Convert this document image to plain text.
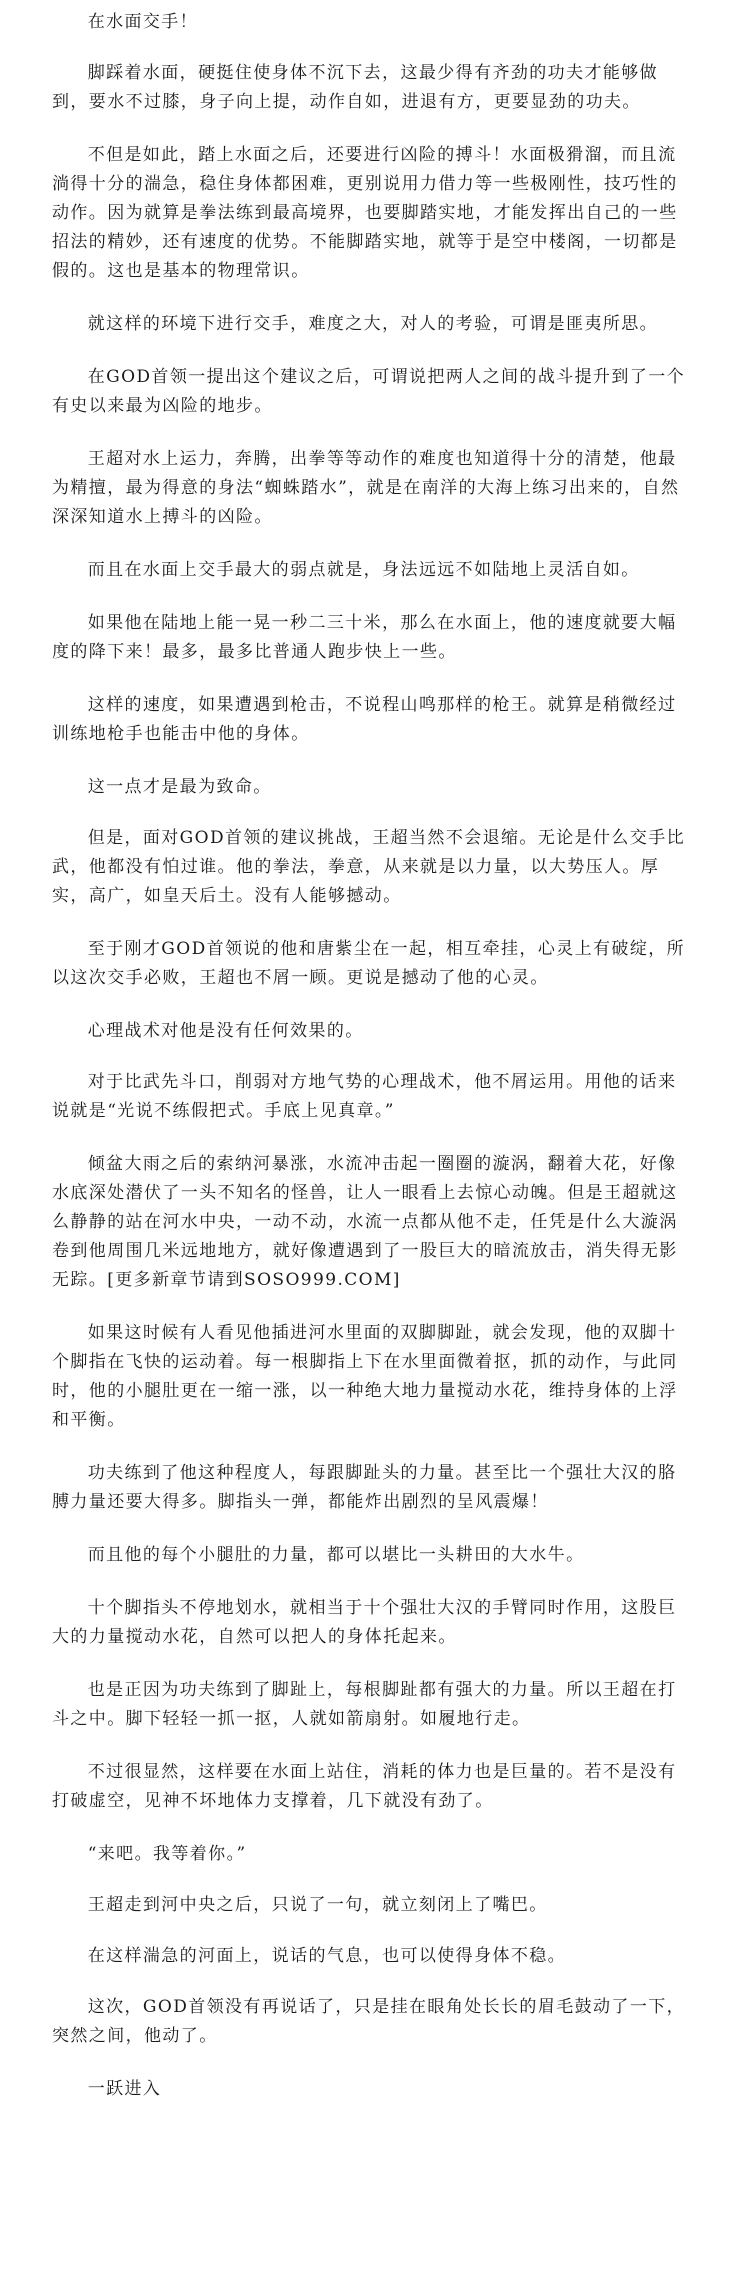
在水面交手！

脚踩着水面，硬挺住使身体不沉下去，这最少得有齐劲的功夫才能够做到，要水不过膝，身子向上提，动作自如，进退有方，更要显劲的功夫。

不但是如此，踏上水面之后，还要进行凶险的搏斗！水面极猾溜，而且流淌得十分的湍急，稳住身体都困难，更别说用力借力等一些极刚性，技巧性的动作。因为就算是拳法练到最高境界，也要脚踏实地，才能发挥出自己的一些招法的精妙，还有速度的优势。不能脚踏实地，就等于是空中楼阁，一切都是假的。这也是基本的物理常识。

就这样的环境下进行交手，难度之大，对人的考验，可谓是匪夷所思。

在GOD首领一提出这个建议之后，可谓说把两人之间的战斗提升到了一个有史以来最为凶险的地步。

王超对水上运力，奔腾，出拳等等动作的难度也知道得十分的清楚，他最为精擅，最为得意的身法“蜘蛛踏水”，就是在南洋的大海上练习出来的，自然深深知道水上搏斗的凶险。

而且在水面上交手最大的弱点就是，身法远远不如陆地上灵活自如。

如果他在陆地上能一晃一秒二三十米，那么在水面上，他的速度就要大幅度的降下来！最多，最多比普通人跑步快上一些。

这样的速度，如果遭遇到枪击，不说程山鸣那样的枪王。就算是稍微经过训练地枪手也能击中他的身体。

这一点才是最为致命。

但是，面对GOD首领的建议挑战，王超当然不会退缩。无论是什么交手比武，他都没有怕过谁。他的拳法，拳意，从来就是以力量，以大势压人。厚实，高广，如皇天后土。没有人能够撼动。

至于刚才GOD首领说的他和唐紫尘在一起，相互牵挂，心灵上有破绽，所以这次交手必败，王超也不屑一顾。更说是撼动了他的心灵。

心理战术对他是没有任何效果的。

对于比武先斗口，削弱对方地气势的心理战术，他不屑运用。用他的话来说就是“光说不练假把式。手底上见真章。”

倾盆大雨之后的索纳河暴涨，水流冲击起一圈圈的漩涡，翻着大花，好像水底深处潜伏了一头不知名的怪兽，让人一眼看上去惊心动魄。但是王超就这么静静的站在河水中央，一动不动，水流一点都从他不走，任凭是什么大漩涡卷到他周围几米远地地方，就好像遭遇到了一股巨大的暗流放击，消失得无影无踪。[更多新章节请到SOSO999.COM]

如果这时候有人看见他插进河水里面的双脚脚趾，就会发现，他的双脚十个脚指在飞快的运动着。每一根脚指上下在水里面微着抠，抓的动作，与此同时，他的小腿肚更在一缩一涨，以一种绝大地力量搅动水花，维持身体的上浮和平衡。

功夫练到了他这种程度人，每跟脚趾头的力量。甚至比一个强壮大汉的胳膊力量还要大得多。脚指头一弹，都能炸出剧烈的呈风震爆！

而且他的每个小腿肚的力量，都可以堪比一头耕田的大水牛。

十个脚指头不停地划水，就相当于十个强壮大汉的手臂同时作用，这股巨大的力量搅动水花，自然可以把人的身体托起来。

也是正因为功夫练到了脚趾上，每根脚趾都有强大的力量。所以王超在打斗之中。脚下轻轻一抓一抠，人就如箭扇射。如履地行走。

不过很显然，这样要在水面上站住，消耗的体力也是巨量的。若不是没有打破虚空，见神不坏地体力支撑着，几下就没有劲了。

“来吧。我等着你。”

王超走到河中央之后，只说了一句，就立刻闭上了嘴巴。

在这样湍急的河面上，说话的气息，也可以使得身体不稳。

这次，GOD首领没有再说话了，只是挂在眼角处长长的眉毛鼓动了一下，突然之间，他动了。

一跃进入
